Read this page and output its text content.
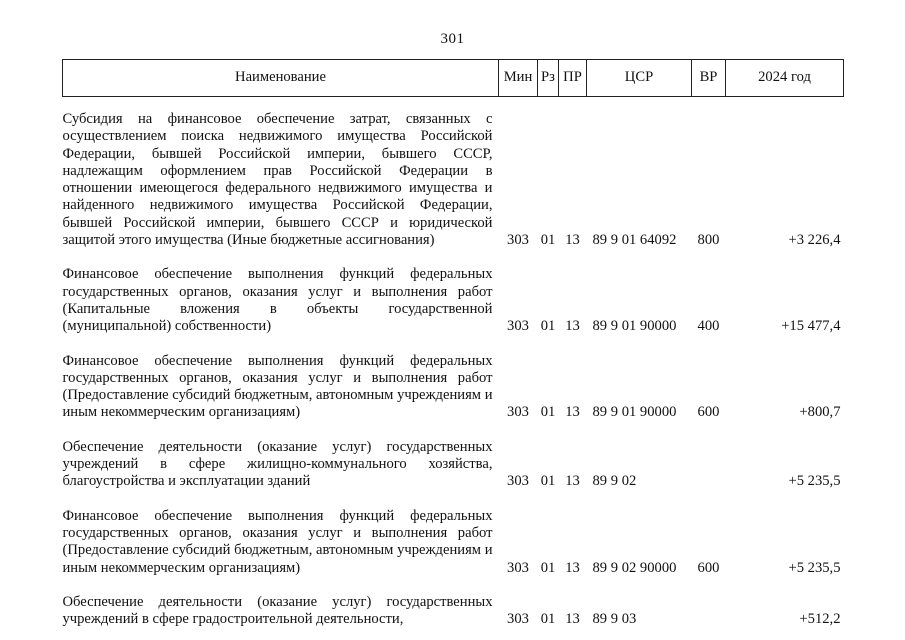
301
Наименование	Мин	Рз	ПР	ЦСР	ВР	2024 год

Субсидия на финансовое обеспечение затрат, связанных с осуществлением поиска недвижимого имущества Российской Федерации, бывшей Российской империи, бывшего СССР, надлежащим оформлением прав Российской Федерации в отношении имеющегося федерального недвижимого имущества и найденного недвижимого имущества Российской Федерации, бывшей Российской империи, бывшего СССР и юридической защитой этого имущества (Иные бюджетные ассигнования)	303	01	13	89 9 01 64092	800	+3 226,4

Финансовое обеспечение выполнения функций федеральных государственных органов, оказания услуг и выполнения работ (Капитальные вложения в объекты государственной (муниципальной) собственности)	303	01	13	89 9 01 90000	400	+15 477,4

Финансовое обеспечение выполнения функций федеральных государственных органов, оказания услуг и выполнения работ (Предоставление субсидий бюджетным, автономным учреждениям и иным некоммерческим организациям)	303	01	13	89 9 01 90000	600	+800,7

Обеспечение деятельности (оказание услуг) государственных учреждений в сфере жилищно-коммунального хозяйства, благоустройства и эксплуатации зданий	303	01	13	89 9 02		+5 235,5

Финансовое обеспечение выполнения функций федеральных государственных органов, оказания услуг и выполнения работ (Предоставление субсидий бюджетным, автономным учреждениям и иным некоммерческим организациям)	303	01	13	89 9 02 90000	600	+5 235,5

Обеспечение деятельности (оказание услуг) государственных учреждений в сфере градостроительной деятельности,	303	01	13	89 9 03		+512,2
